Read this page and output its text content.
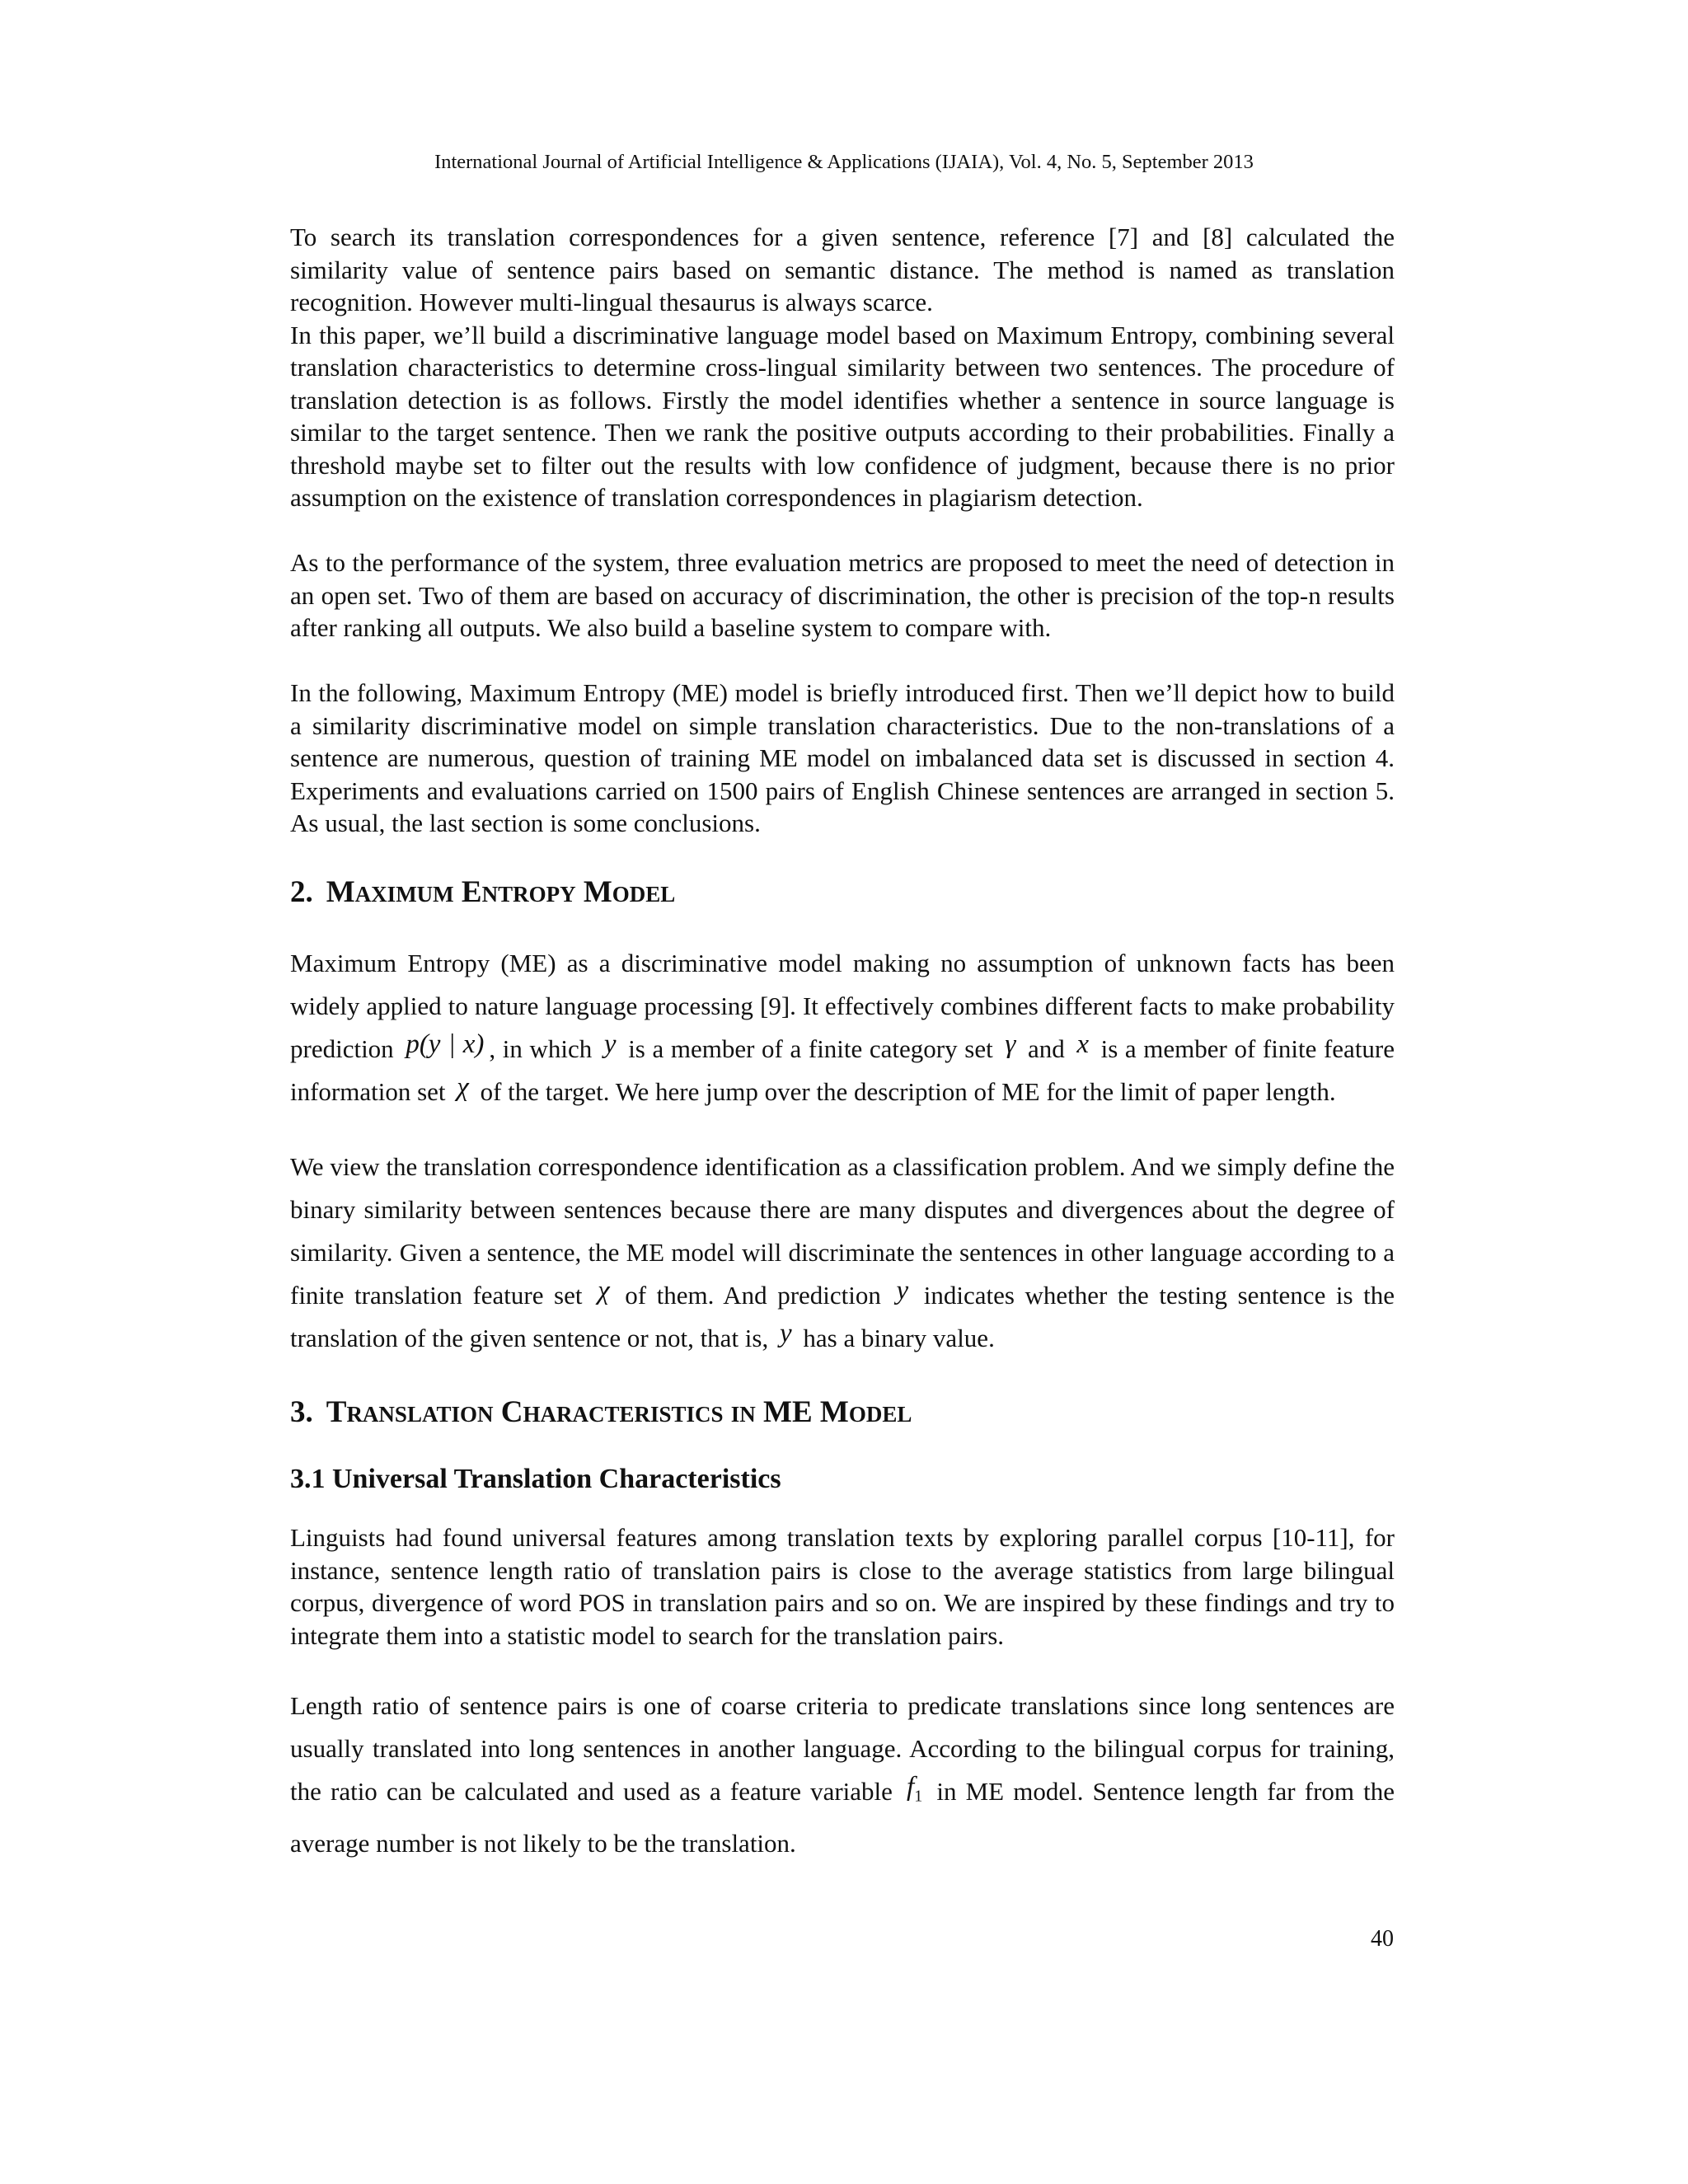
International Journal of Artificial Intelligence & Applications (IJAIA), Vol. 4, No. 5, September 2013

To search its translation correspondences for a given sentence, reference [7] and [8] calculated the similarity value of sentence pairs based on semantic distance. The method is named as translation recognition. However multi-lingual thesaurus is always scarce.

In this paper, we’ll build a discriminative language model based on Maximum Entropy, combining several translation characteristics to determine cross-lingual similarity between two sentences. The procedure of translation detection is as follows. Firstly the model identifies whether a sentence in source language is similar to the target sentence. Then we rank the positive outputs according to their probabilities. Finally a threshold maybe set to filter out the results with low confidence of judgment, because there is no prior assumption on the existence of translation correspondences in plagiarism detection.

As to the performance of the system, three evaluation metrics are proposed to meet the need of detection in an open set. Two of them are based on accuracy of discrimination, the other is precision of the top-n results after ranking all outputs. We also build a baseline system to compare with.

In the following, Maximum Entropy (ME) model is briefly introduced first. Then we’ll depict how to build a similarity discriminative model on simple translation characteristics. Due to the non-translations of a sentence are numerous, question of training ME model on imbalanced data set is discussed in section 4. Experiments and evaluations carried on 1500 pairs of English Chinese sentences are arranged in section 5. As usual, the last section is some conclusions.

2. MAXIMUM ENTROPY MODEL

Maximum Entropy (ME) as a discriminative model making no assumption of unknown facts has been widely applied to nature language processing [9]. It effectively combines different facts to make probability prediction p(y | x) , in which y is a member of a finite category set γ and x is a member of finite feature information set χ of the target. We here jump over the description of ME for the limit of paper length.

We view the translation correspondence identification as a classification problem. And we simply define the binary similarity between sentences because there are many disputes and divergences about the degree of similarity. Given a sentence, the ME model will discriminate the sentences in other language according to a finite translation feature set χ of them. And prediction y indicates whether the testing sentence is the translation of the given sentence or not, that is, y has a binary value.

3. TRANSLATION CHARACTERISTICS IN ME MODEL

3.1 Universal Translation Characteristics

Linguists had found universal features among translation texts by exploring parallel corpus [10-11], for instance, sentence length ratio of translation pairs is close to the average statistics from large bilingual corpus, divergence of word POS in translation pairs and so on. We are inspired by these findings and try to integrate them into a statistic model to search for the translation pairs.

Length ratio of sentence pairs is one of coarse criteria to predicate translations since long sentences are usually translated into long sentences in another language. According to the bilingual corpus for training, the ratio can be calculated and used as a feature variable $f_1$ in ME model. Sentence length far from the average number is not likely to be the translation.

40
